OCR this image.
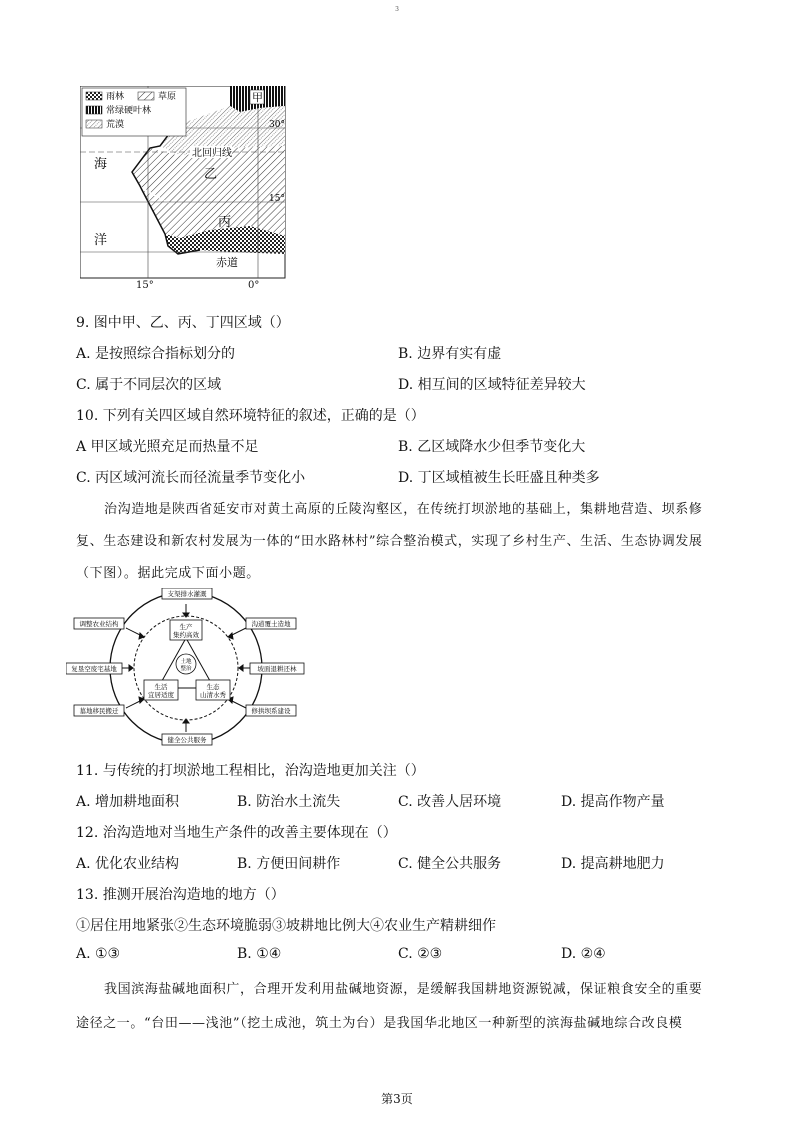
3
雨林	草原
常绿硬叶林
荒漠
甲
30°
北回归线
乙
15°
丙
赤道
海
洋
15°	0°
9. 图中甲、乙、丙、丁四区域（）
A. 是按照综合指标划分的	B. 边界有实有虚
C. 属于不同层次的区域	D. 相互间的区域特征差异较大
10. 下列有关四区域自然环境特征的叙述，正确的是（）
A 甲区域光照充足而热量不足	B. 乙区域降水少但季节变化大
C. 丙区域河流长而径流量季节变化小	D. 丁区域植被生长旺盛且种类多
治沟造地是陕西省延安市对黄土高原的丘陵沟壑区，在传统打坝淤地的基础上，集耕地营造、坝系修
复、生态建设和新农村发展为一体的“田水路林村”综合整治模式，实现了乡村生产、生活、生态协调发展
（下图）。据此完成下面小题。
支渠排水灌溉
调整农业结构
复垦空废宅基地
墓地移民搬迁
沟道覆土造地
坡面退耕还林
修拱坝系建设
健全公共服务
生产
集约高效
土地
整治
生活
宜居适度
生态
山清水秀
11. 与传统的打坝淤地工程相比，治沟造地更加关注（）
A. 增加耕地面积	B. 防治水土流失	C. 改善人居环境	D. 提高作物产量
12. 治沟造地对当地生产条件的改善主要体现在（）
A. 优化农业结构	B. 方便田间耕作	C. 健全公共服务	D. 提高耕地肥力
13. 推测开展治沟造地的地方（）
①居住用地紧张②生态环境脆弱③坡耕地比例大④农业生产精耕细作
A. ①③	B. ①④	C. ②③	D. ②④
我国滨海盐碱地面积广，合理开发利用盐碱地资源，是缓解我国耕地资源锐减，保证粮食安全的重要
途径之一。“台田——浅池”（挖土成池，筑土为台）是我国华北地区一种新型的滨海盐碱地综合改良模
第3页
